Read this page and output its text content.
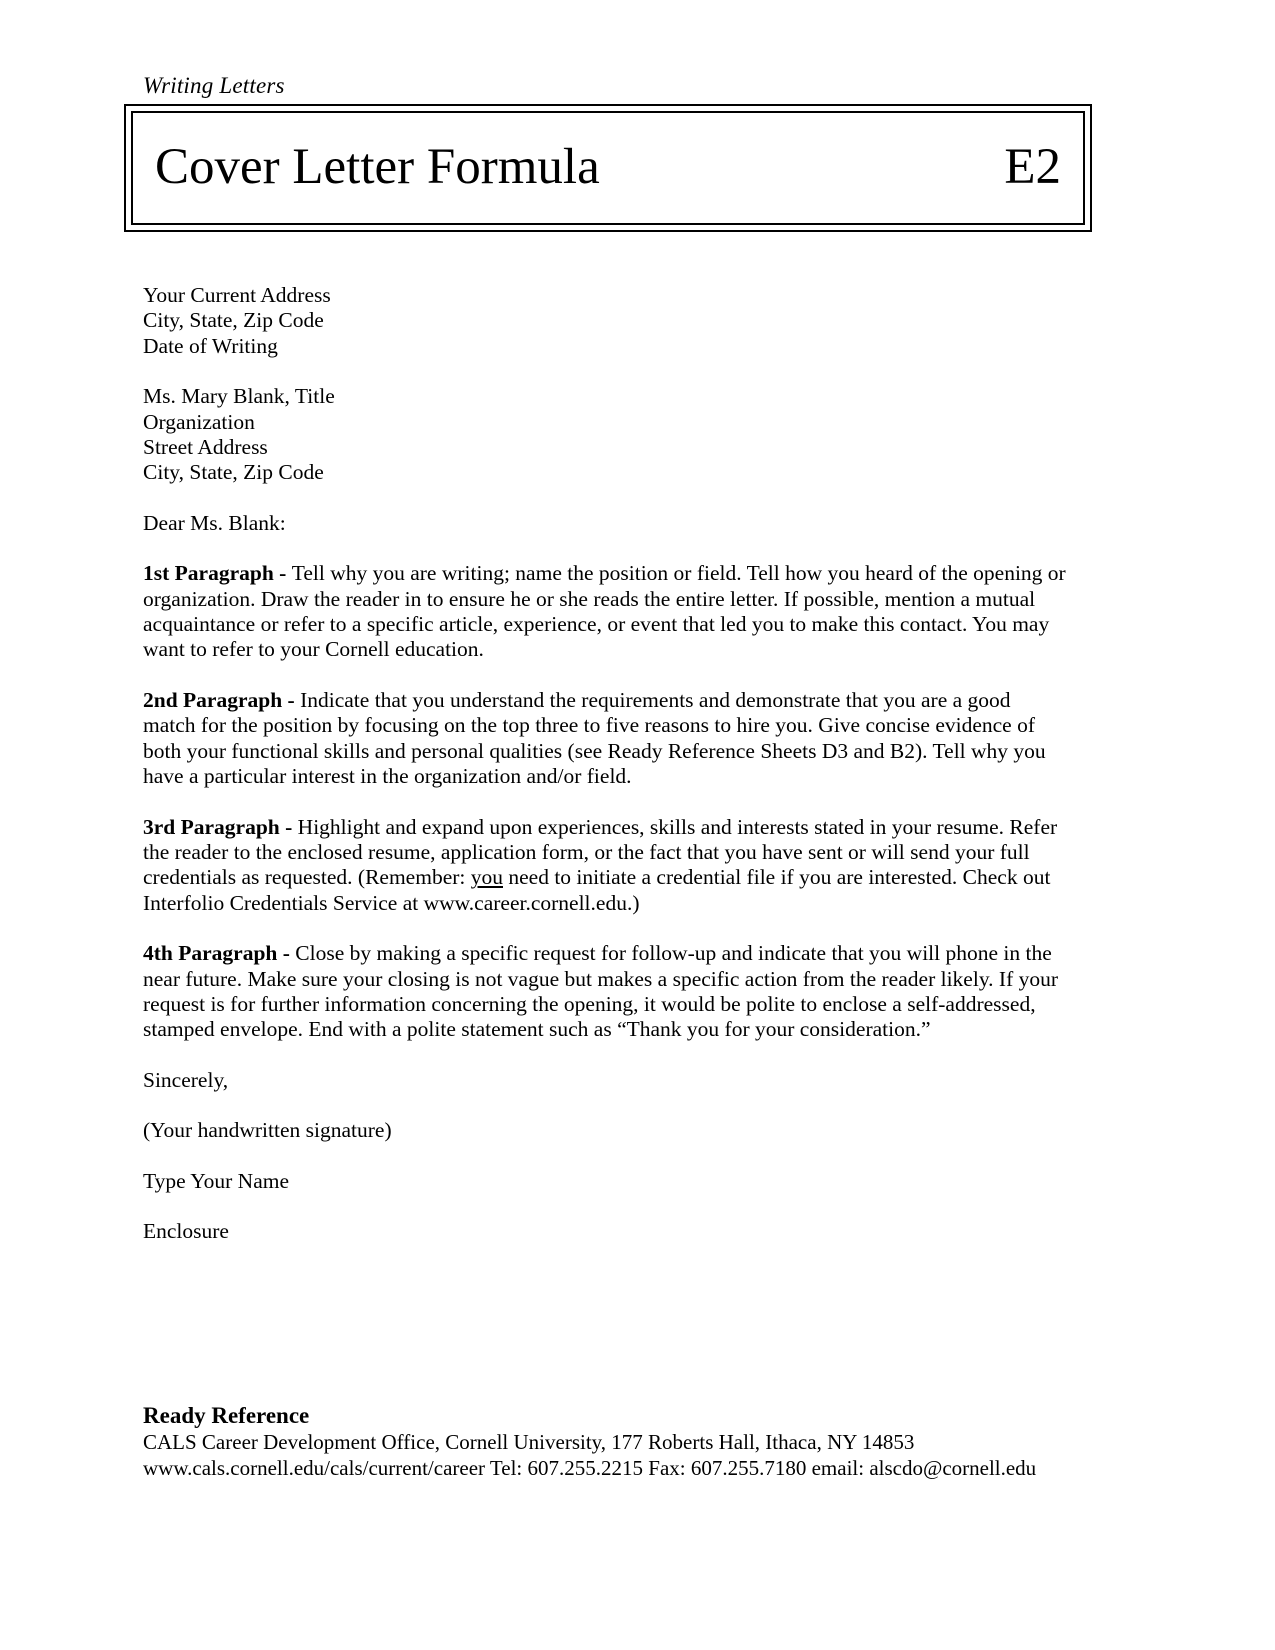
Writing Letters
Cover Letter Formula	E2
Your Current Address
City, State, Zip Code
Date of Writing
Ms. Mary Blank, Title
Organization
Street Address
City, State, Zip Code
Dear Ms. Blank:

1st Paragraph - Tell why you are writing; name the position or field. Tell how you heard of the opening or organization. Draw the reader in to ensure he or she reads the entire letter. If possible, mention a mutual acquaintance or refer to a specific article, experience, or event that led you to make this contact. You may want to refer to your Cornell education.

2nd Paragraph - Indicate that you understand the requirements and demonstrate that you are a good match for the position by focusing on the top three to five reasons to hire you. Give concise evidence of both your functional skills and personal qualities (see Ready Reference Sheets D3 and B2). Tell why you have a particular interest in the organization and/or field.

3rd Paragraph - Highlight and expand upon experiences, skills and interests stated in your resume. Refer the reader to the enclosed resume, application form, or the fact that you have sent or will send your full credentials as requested. (Remember: you need to initiate a credential file if you are interested. Check out Interfolio Credentials Service at www.career.cornell.edu.)

4th Paragraph - Close by making a specific request for follow-up and indicate that you will phone in the near future. Make sure your closing is not vague but makes a specific action from the reader likely. If your request is for further information concerning the opening, it would be polite to enclose a self-addressed, stamped envelope. End with a polite statement such as “Thank you for your consideration.”

Sincerely,

(Your handwritten signature)

Type Your Name

Enclosure

Ready Reference
CALS Career Development Office, Cornell University, 177 Roberts Hall, Ithaca, NY 14853
www.cals.cornell.edu/cals/current/career Tel: 607.255.2215 Fax: 607.255.7180 email: alscdo@cornell.edu
